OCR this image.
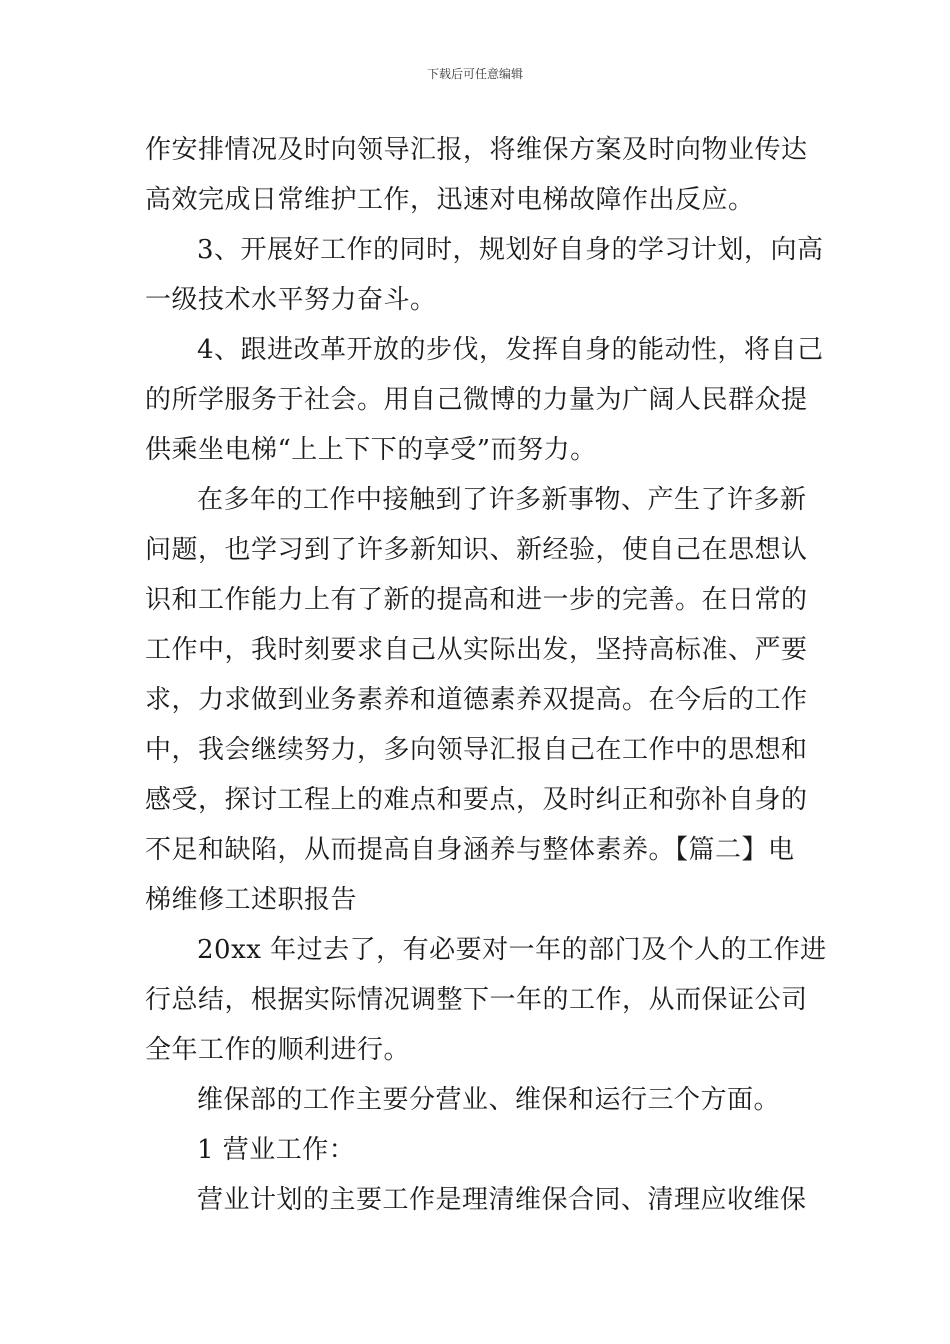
下载后可任意编辑
作安排情况及时向领导汇报，将维保方案及时向物业传达
高效完成日常维护工作，迅速对电梯故障作出反应。
3、开展好工作的同时，规划好自身的学习计划，向高
一级技术水平努力奋斗。
4、跟进改革开放的步伐，发挥自身的能动性，将自己
的所学服务于社会。用自己微博的力量为广阔人民群众提
供乘坐电梯“上上下下的享受”而努力。
在多年的工作中接触到了许多新事物、产生了许多新
问题，也学习到了许多新知识、新经验，使自己在思想认
识和工作能力上有了新的提高和进一步的完善。在日常的
工作中，我时刻要求自己从实际出发，坚持高标准、严要
求，力求做到业务素养和道德素养双提高。在今后的工作
中，我会继续努力，多向领导汇报自己在工作中的思想和
感受，探讨工程上的难点和要点，及时纠正和弥补自身的
不足和缺陷，从而提高自身涵养与整体素养。【篇二】电
梯维修工述职报告
20xx 年过去了，有必要对一年的部门及个人的工作进
行总结，根据实际情况调整下一年的工作，从而保证公司
全年工作的顺利进行。
维保部的工作主要分营业、维保和运行三个方面。
1 营业工作：
营业计划的主要工作是理清维保合同、清理应收维保
